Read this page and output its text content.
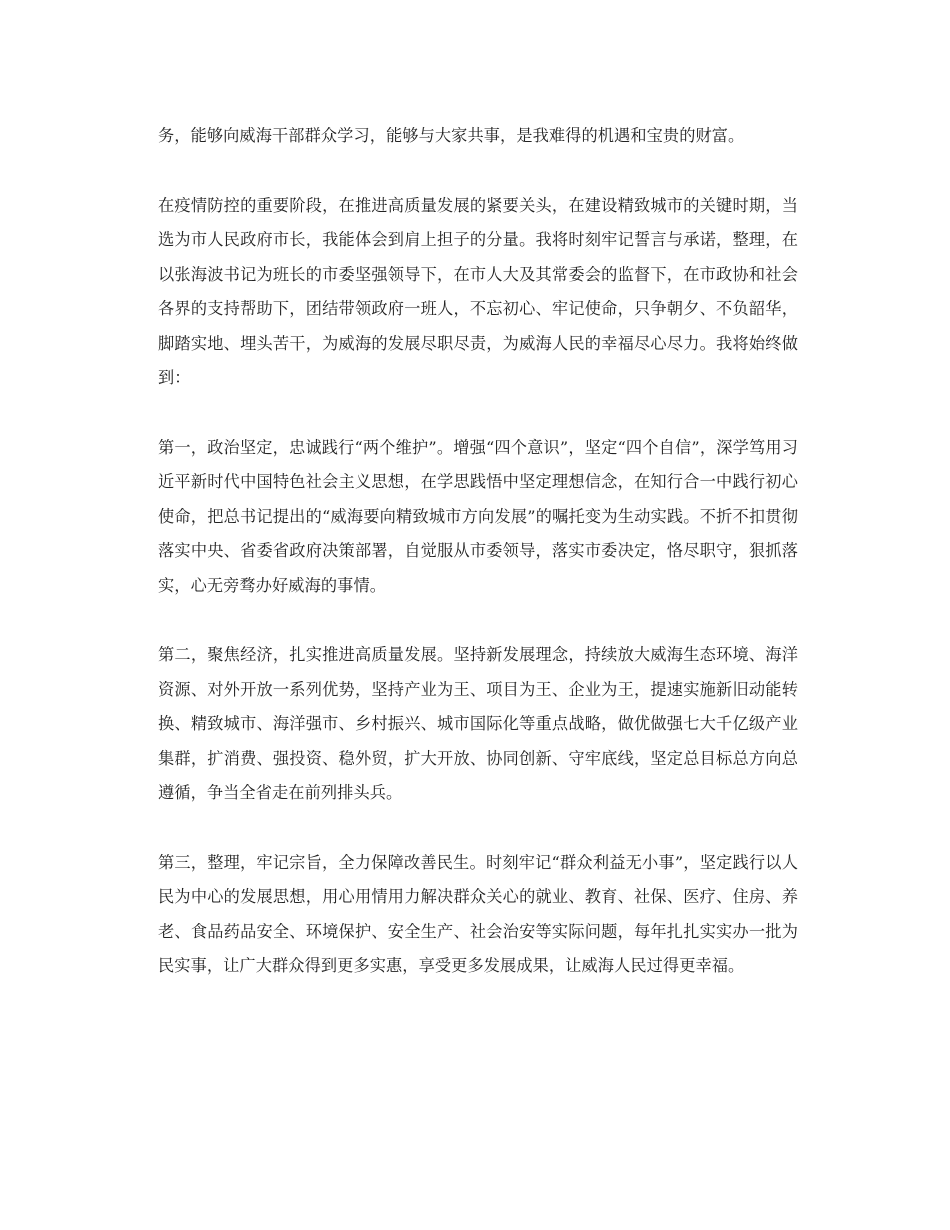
务，能够向威海干部群众学习，能够与大家共事，是我难得的机遇和宝贵的财富。

在疫情防控的重要阶段，在推进高质量发展的紧要关头，在建设精致城市的关键时期，当选为市人民政府市长，我能体会到肩上担子的分量。我将时刻牢记誓言与承诺，整理，在以张海波书记为班长的市委坚强领导下，在市人大及其常委会的监督下，在市政协和社会各界的支持帮助下，团结带领政府一班人，不忘初心、牢记使命，只争朝夕、不负韶华，脚踏实地、埋头苦干，为威海的发展尽职尽责，为威海人民的幸福尽心尽力。我将始终做到：

第一，政治坚定，忠诚践行“两个维护”。增强“四个意识”，坚定“四个自信”，深学笃用习近平新时代中国特色社会主义思想，在学思践悟中坚定理想信念，在知行合一中践行初心使命，把总书记提出的“威海要向精致城市方向发展”的嘱托变为生动实践。不折不扣贯彻落实中央、省委省政府决策部署，自觉服从市委领导，落实市委决定，恪尽职守，狠抓落实，心无旁骛办好威海的事情。

第二，聚焦经济，扎实推进高质量发展。坚持新发展理念，持续放大威海生态环境、海洋资源、对外开放一系列优势，坚持产业为王、项目为王、企业为王，提速实施新旧动能转换、精致城市、海洋强市、乡村振兴、城市国际化等重点战略，做优做强七大千亿级产业集群，扩消费、强投资、稳外贸，扩大开放、协同创新、守牢底线，坚定总目标总方向总遵循，争当全省走在前列排头兵。

第三，整理，牢记宗旨，全力保障改善民生。时刻牢记“群众利益无小事”，坚定践行以人民为中心的发展思想，用心用情用力解决群众关心的就业、教育、社保、医疗、住房、养老、食品药品安全、环境保护、安全生产、社会治安等实际问题，每年扎扎实实办一批为民实事，让广大群众得到更多实惠，享受更多发展成果，让威海人民过得更幸福。
